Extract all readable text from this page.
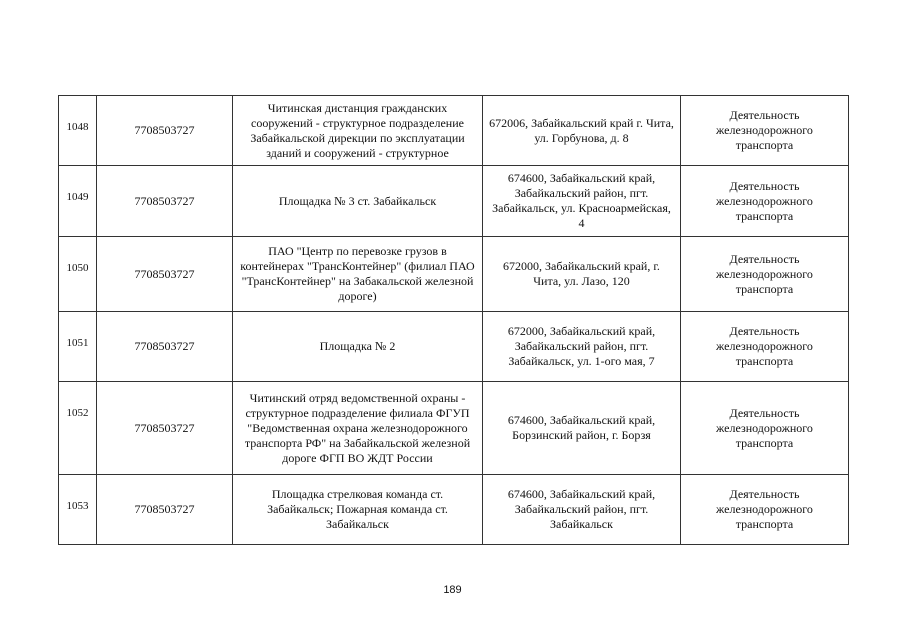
1048	7708503727	Читинская дистанция гражданских сооружений - структурное подразделение Забайкальской дирекции по эксплуатации зданий и сооружений - структурное	672006, Забайкальский край г. Чита, ул. Горбунова, д. 8	Деятельность железнодорожного транспорта
1049	7708503727	Площадка № 3 ст. Забайкальск	674600, Забайкальский край, Забайкальский район, пгт. Забайкальск, ул. Красноармейская, 4	Деятельность железнодорожного транспорта
1050	7708503727	ПАО "Центр по перевозке грузов в контейнерах "ТрансКонтейнер" (филиал ПАО "ТрансКонтейнер" на Забакальской железной дороге)	672000, Забайкальский край, г. Чита, ул. Лазо, 120	Деятельность железнодорожного транспорта
1051	7708503727	Площадка № 2	672000, Забайкальский край, Забайкальский район, пгт. Забайкальск, ул. 1-ого мая, 7	Деятельность железнодорожного транспорта
1052	7708503727	Читинский отряд ведомственной охраны - структурное подразделение филиала ФГУП "Ведомственная охрана железнодорожного транспорта РФ" на Забайкальской железной дороге ФГП ВО ЖДТ России	674600, Забайкальский край, Борзинский район, г. Борзя	Деятельность железнодорожного транспорта
1053	7708503727	Площадка стрелковая команда ст. Забайкальск; Пожарная команда ст. Забайкальск	674600, Забайкальский край, Забайкальский район, пгт. Забайкальск	Деятельность железнодорожного транспорта
189
